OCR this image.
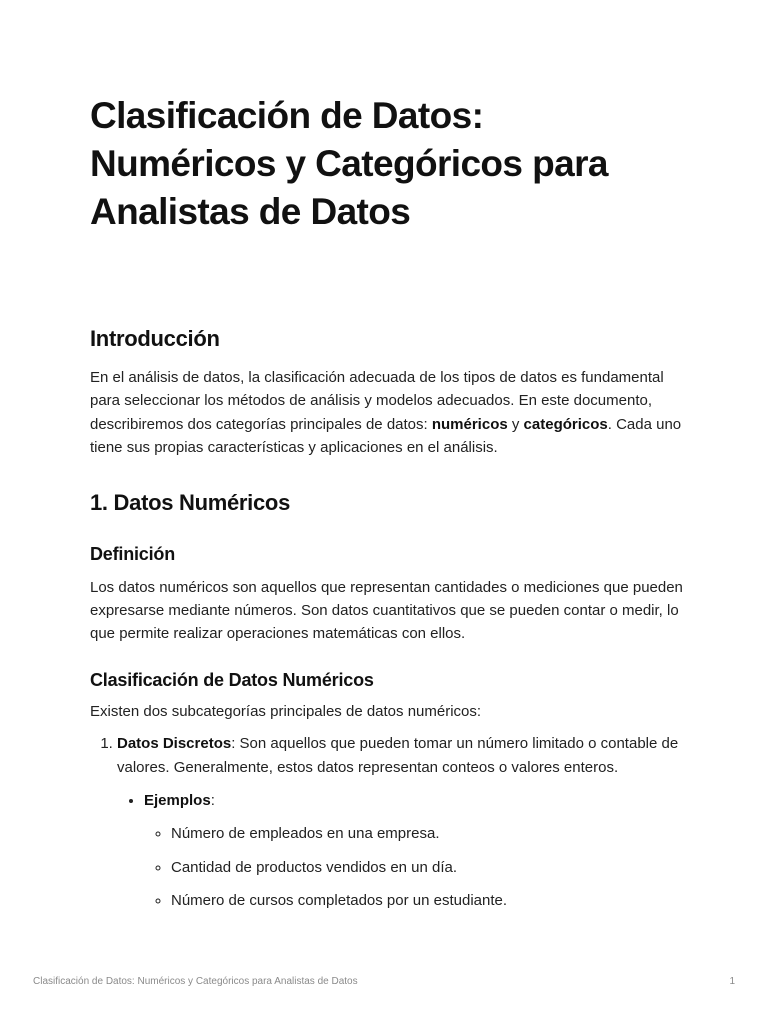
Clasificación de Datos:
Numéricos y Categóricos para
Analistas de Datos
Introducción

En el análisis de datos, la clasificación adecuada de los tipos de datos es fundamental para seleccionar los métodos de análisis y modelos adecuados. En este documento, describiremos dos categorías principales de datos: numéricos y categóricos. Cada uno tiene sus propias características y aplicaciones en el análisis.

1. Datos Numéricos
Definición

Los datos numéricos son aquellos que representan cantidades o mediciones que pueden expresarse mediante números. Son datos cuantitativos que se pueden contar o medir, lo que permite realizar operaciones matemáticas con ellos.

Clasificación de Datos Numéricos

Existen dos subcategorías principales de datos numéricos:

1. Datos Discretos: Son aquellos que pueden tomar un número limitado o contable de valores. Generalmente, estos datos representan conteos o valores enteros.
• Ejemplos:
◦ Número de empleados en una empresa.
◦ Cantidad de productos vendidos en un día.
◦ Número de cursos completados por un estudiante.
Clasificación de Datos: Numéricos y Categóricos para Analistas de Datos	1
